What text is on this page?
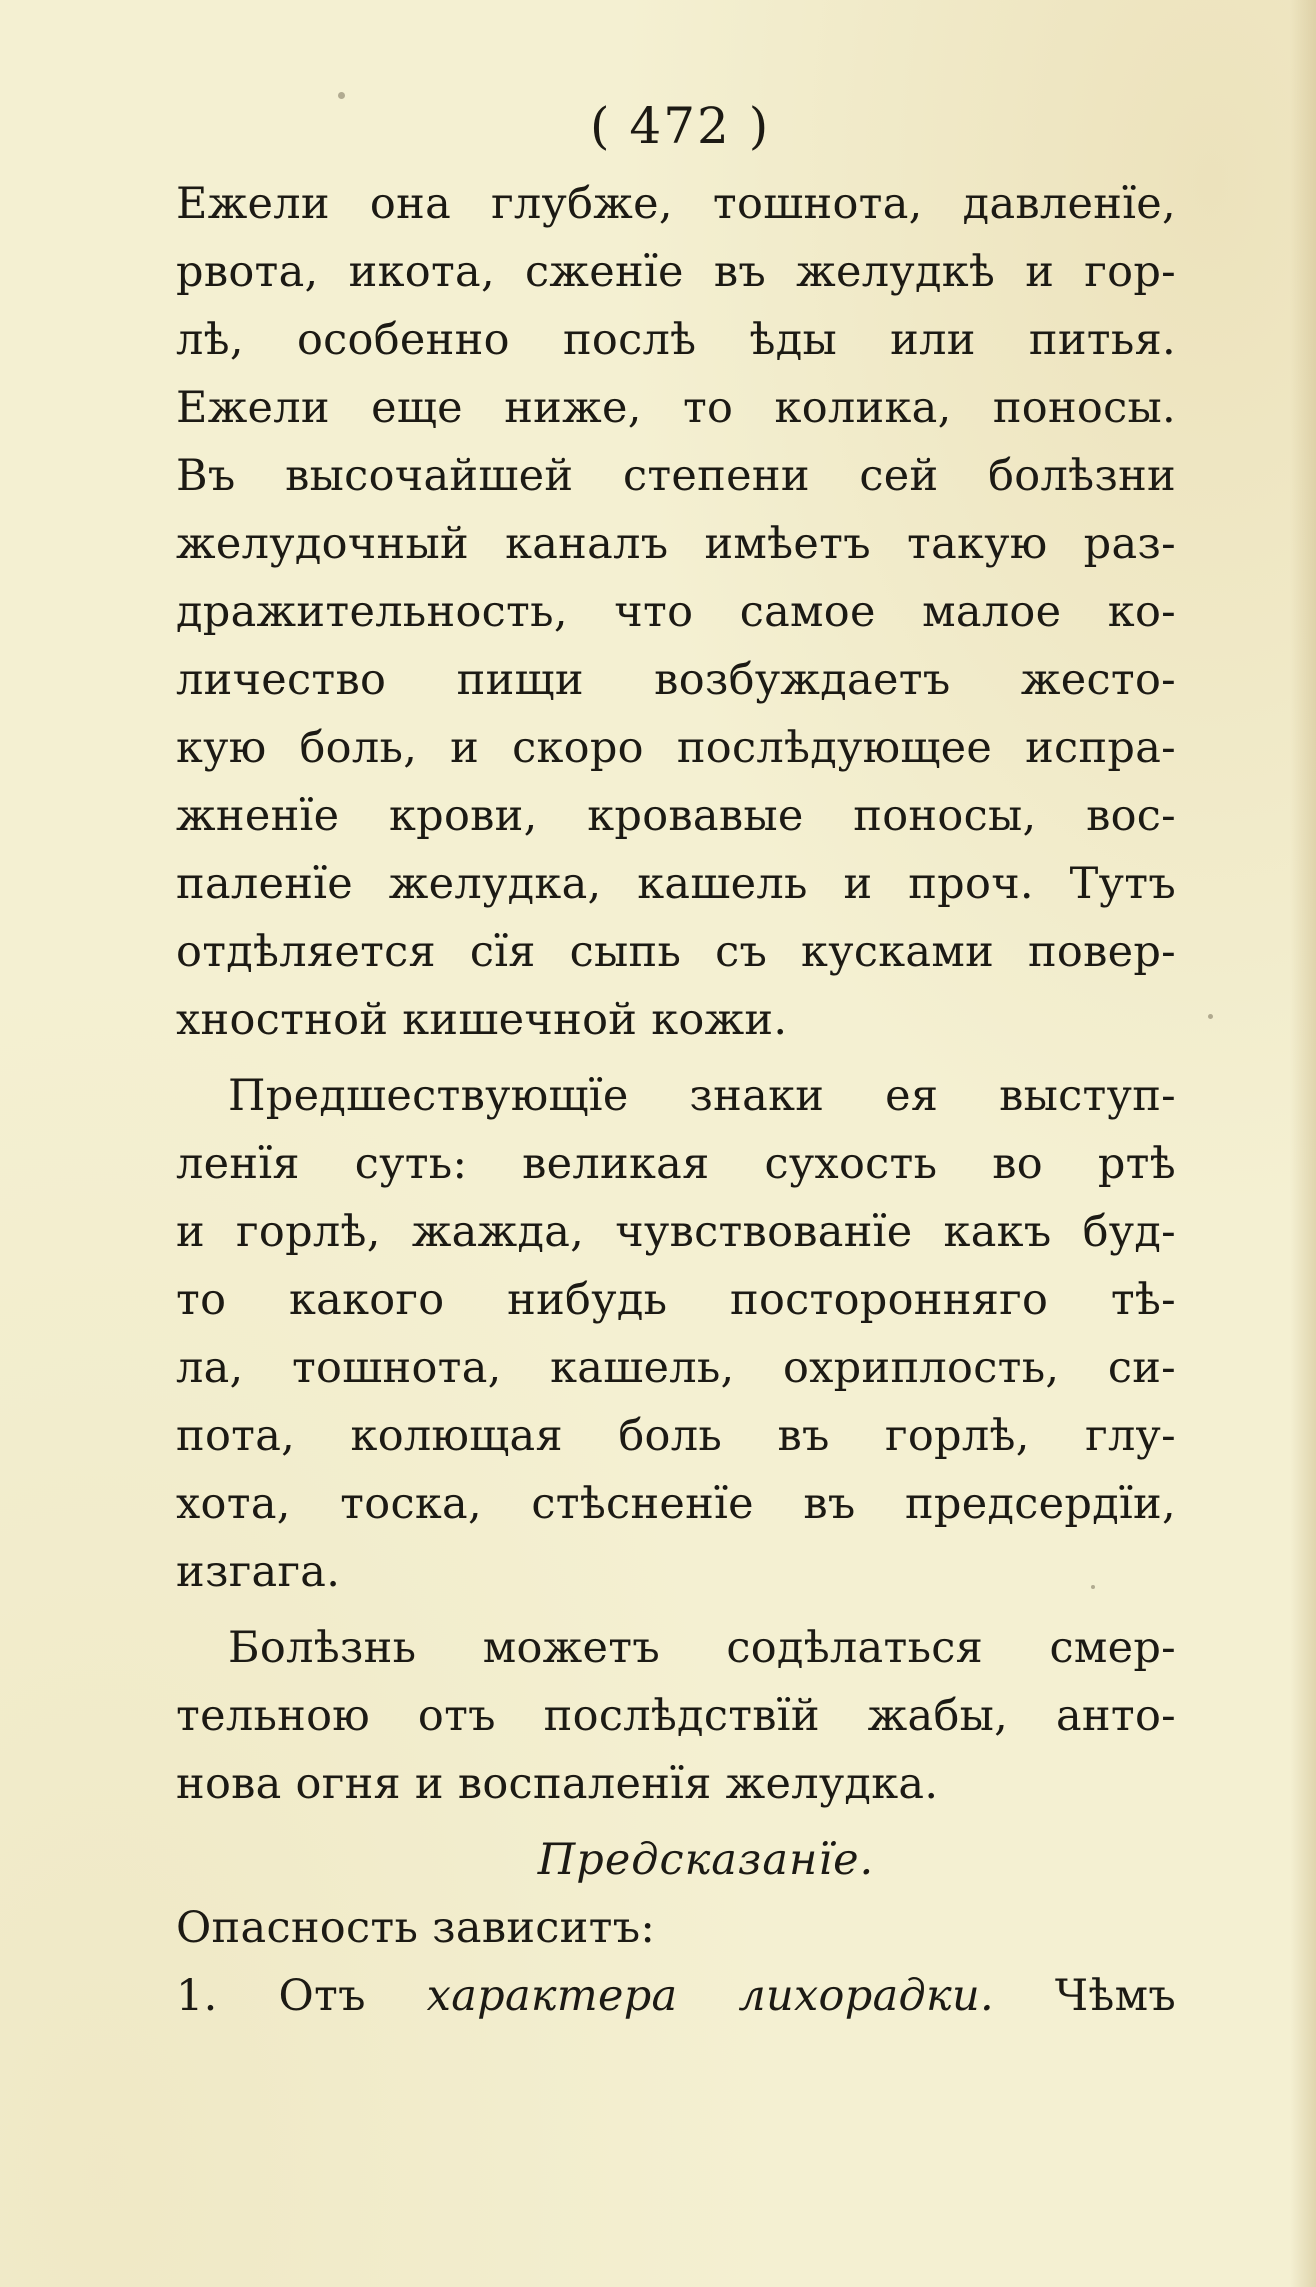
( 472 )
Ежели она глубже, тошнота, давленїе,
рвота, икота, сженїе въ желудкѣ и гор-
лѣ, особенно послѣ ѣды или питья.
Ежели еще ниже, то колика, поносы.
Въ высочайшей степени сей болѣзни
желудочный каналъ имѣетъ такую раз-
дражительность, что самое малое ко-
личество пищи возбуждаетъ жесто-
кую боль, и скоро послѣдующее испра-
жненїе крови, кровавые поносы, вос-
паленїе желудка, кашель и проч. Тутъ
отдѣляется сїя сыпь съ кусками повер-
хностной кишечной кожи.
Предшествующїе знаки ея выступ-
ленїя суть: великая сухость во ртѣ
и горлѣ, жажда, чувствованїе какъ буд-
то какого нибудь посторонняго тѣ-
ла, тошнота, кашель, охриплость, си-
пота, колющая боль въ горлѣ, глу-
хота, тоска, стѣсненїе въ предсердїи,
изгага.
Болѣзнь можетъ содѣлаться смер-
тельною отъ послѣдствїй жабы, анто-
нова огня и воспаленїя желудка.
Предсказанїе.
Опасность зависитъ:
1. Отъ характера лихорадки. Чѣмъ
